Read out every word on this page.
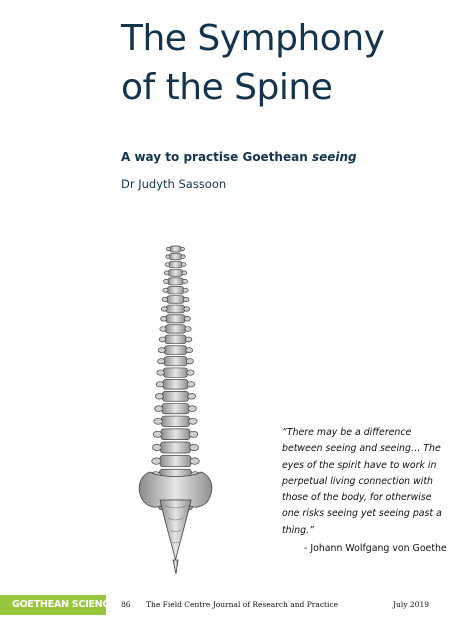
The Symphony
of the Spine

A way to practise Goethean seeing

Dr Judyth Sassoon

“There may be a difference between seeing and seeing… The eyes of the spirit have to work in perpetual living connection with those of the body, for otherwise one risks seeing yet seeing past a thing.”

- Johann Wolfgang von Goethe

GOETHEAN SCIENCE 86 The Field Centre Journal of Research and Practice	July 2019
